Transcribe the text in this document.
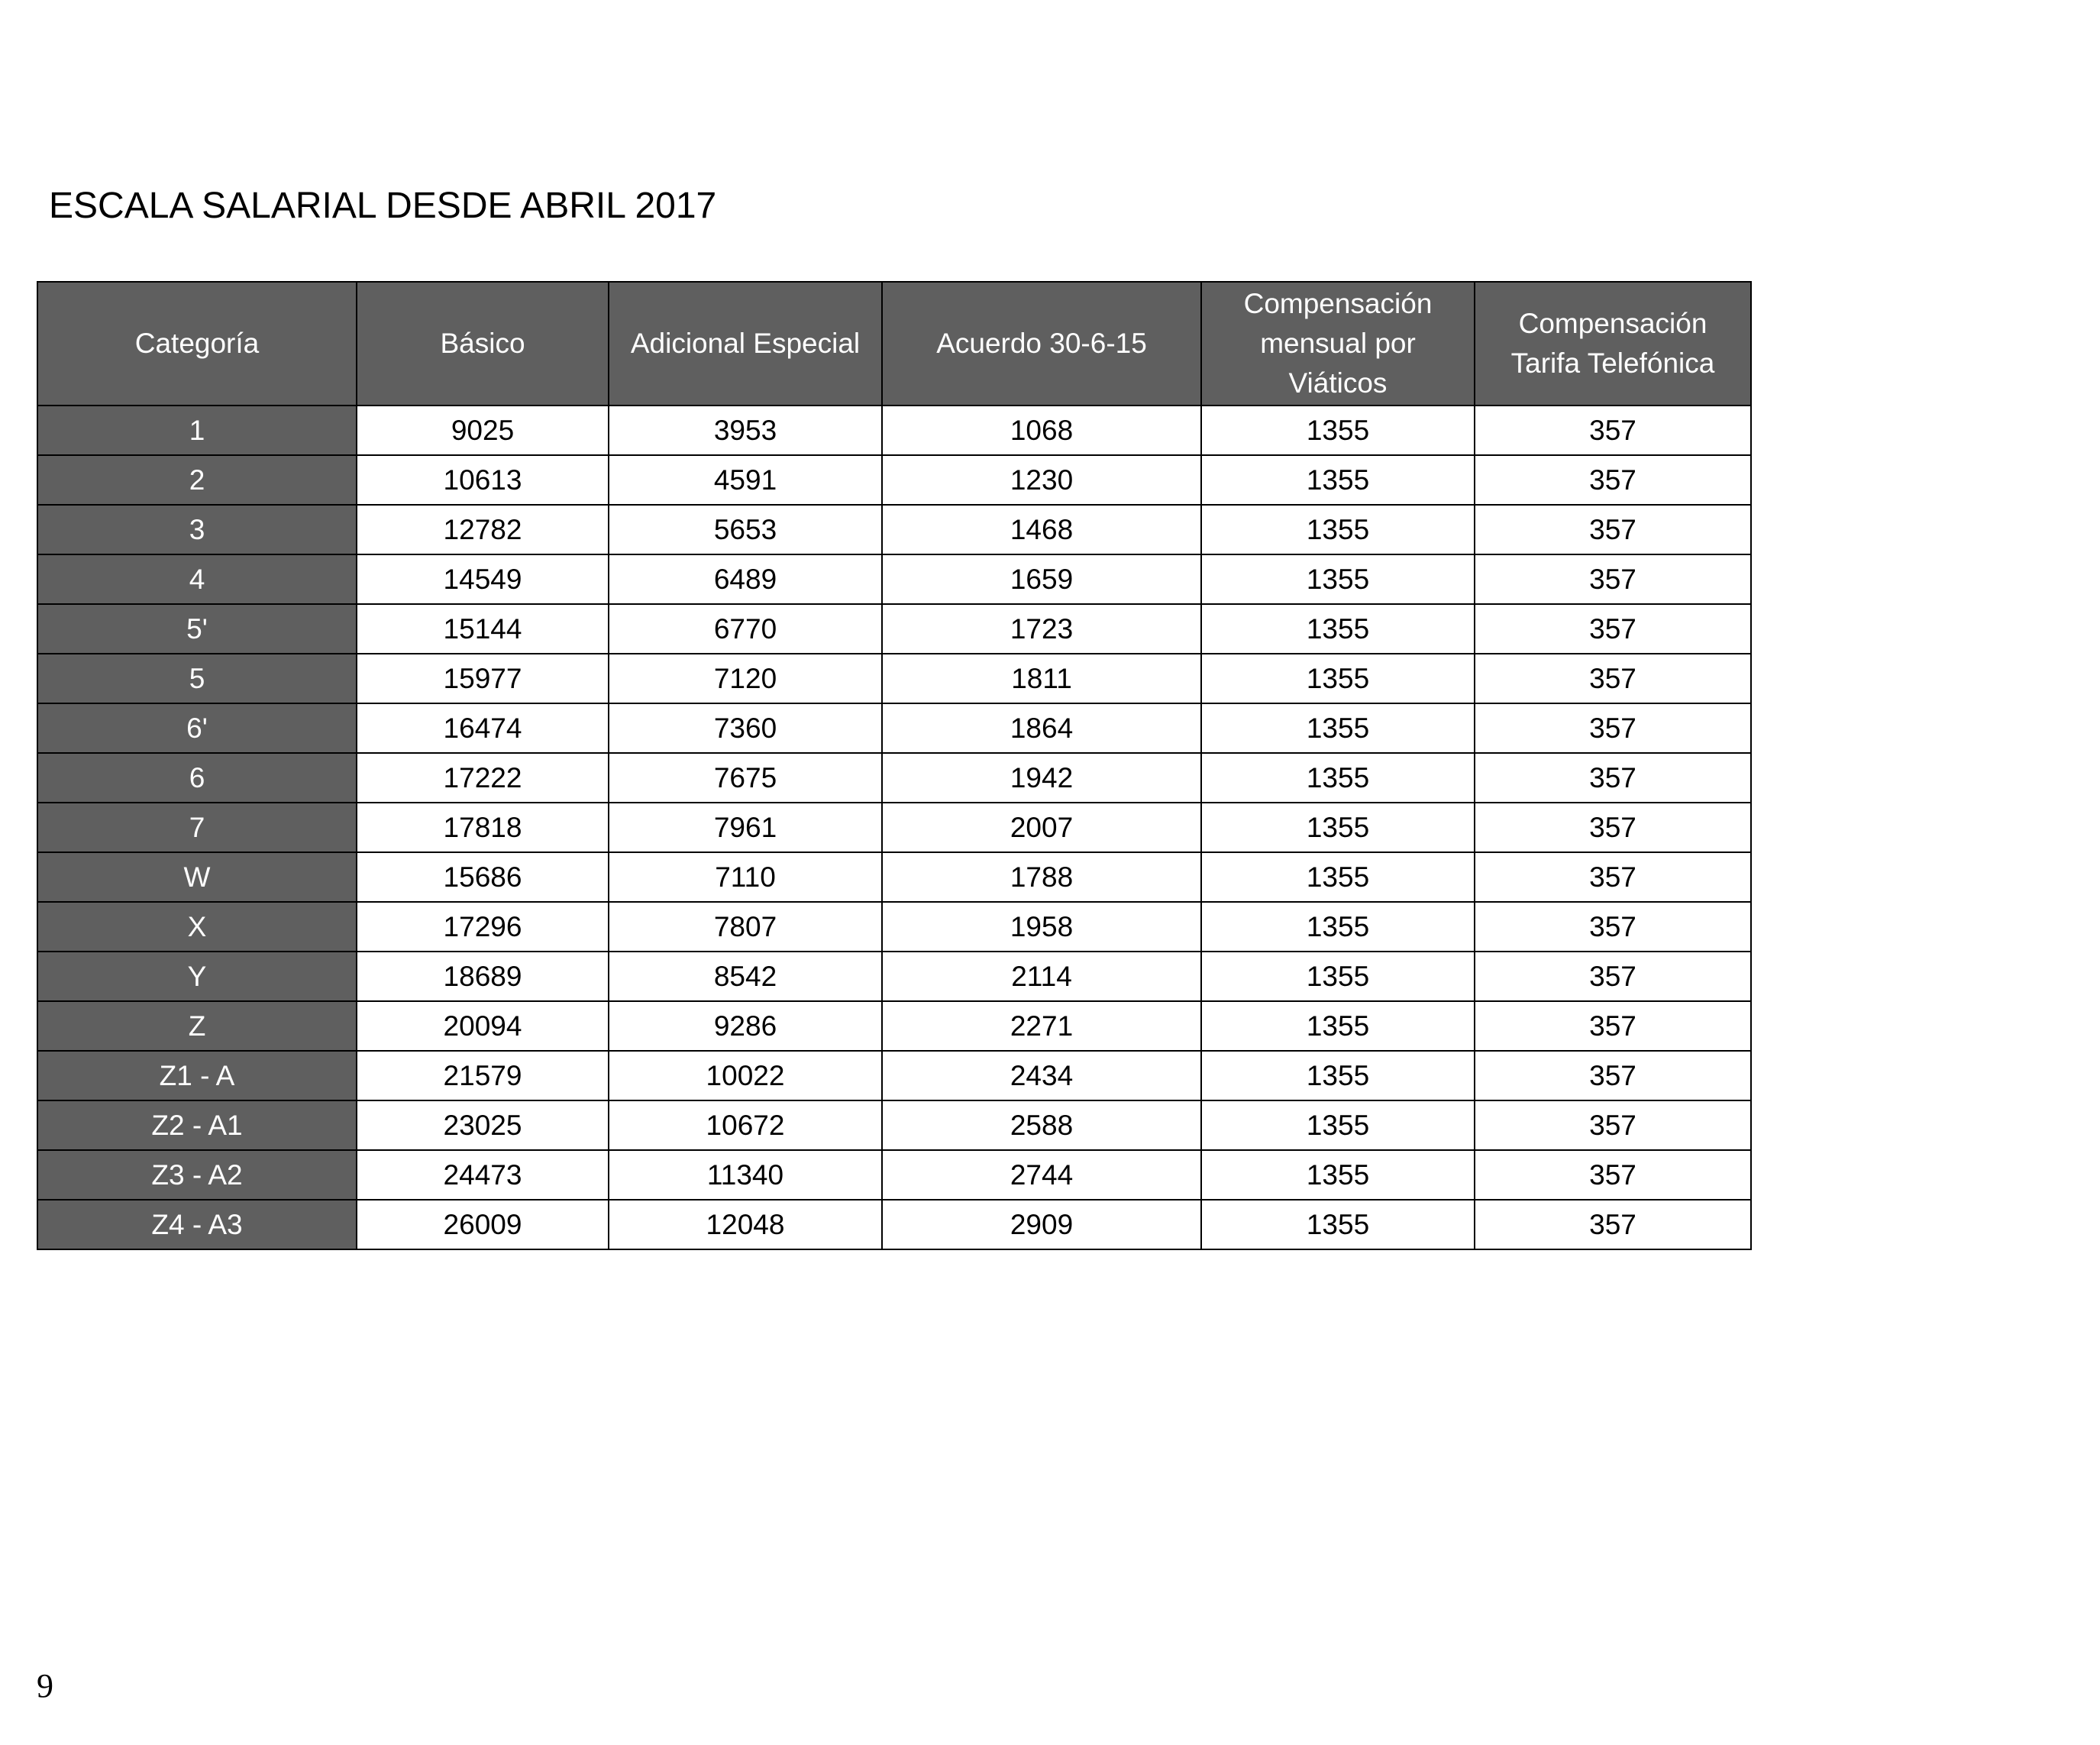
ESCALA SALARIAL DESDE ABRIL 2017
Categoría	Básico	Adicional Especial	Acuerdo 30-6-15	Compensación mensual por Viáticos	Compensación Tarifa Telefónica
1	9025	3953	1068	1355	357
2	10613	4591	1230	1355	357
3	12782	5653	1468	1355	357
4	14549	6489	1659	1355	357
5'	15144	6770	1723	1355	357
5	15977	7120	1811	1355	357
6'	16474	7360	1864	1355	357
6	17222	7675	1942	1355	357
7	17818	7961	2007	1355	357
W	15686	7110	1788	1355	357
X	17296	7807	1958	1355	357
Y	18689	8542	2114	1355	357
Z	20094	9286	2271	1355	357
Z1 - A	21579	10022	2434	1355	357
Z2 - A1	23025	10672	2588	1355	357
Z3 - A2	24473	11340	2744	1355	357
Z4 - A3	26009	12048	2909	1355	357
9
